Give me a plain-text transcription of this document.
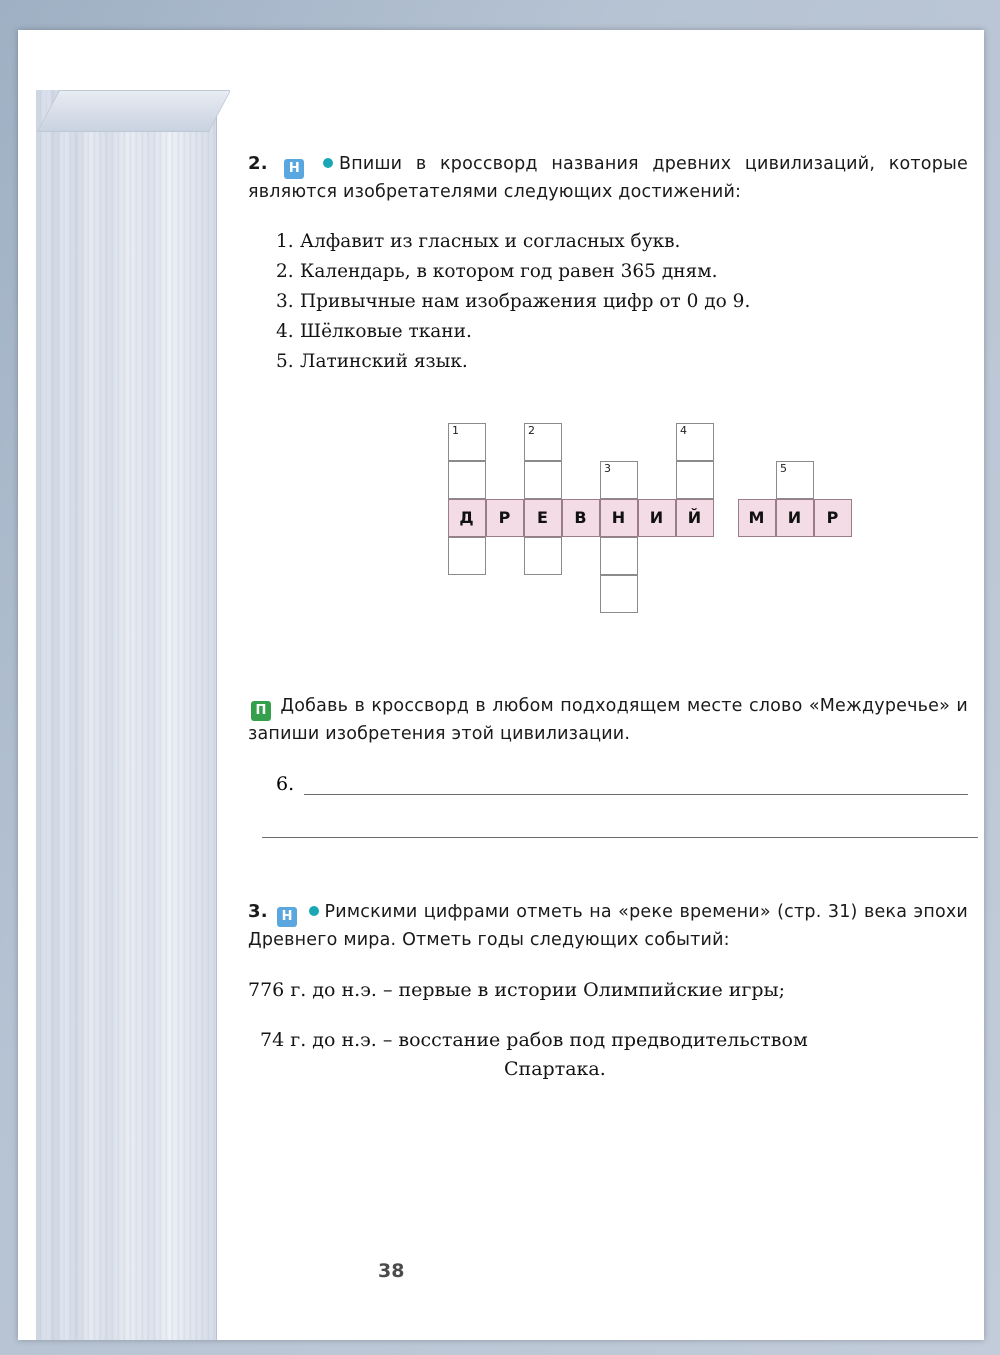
2. Н Впиши в кроссворд названия древних цивилизаций, которые являются изобретателями следующих достижений:
1. Алфавит из гласных и согласных букв.
2. Календарь, в котором год равен 365 дням.
3. Привычные нам изображения цифр от 0 до 9.
4. Шёлковые ткани.
5. Латинский язык.
1
Д	Р
2
Е	В
3
Н	И
4
Й	М
5
И	Р
П Добавь в кроссворд в любом подходящем месте слово «Междуречье» и запиши изобретения этой цивилизации.
6.
3. Н Римскими цифрами отметь на «реке времени» (стр. 31) века эпохи Древнего мира. Отметь годы следующих событий:
776 г. до н.э. – первые в истории Олимпийские игры;
74 г. до н.э. – восстание рабов под предводительством
Спартака.
38
